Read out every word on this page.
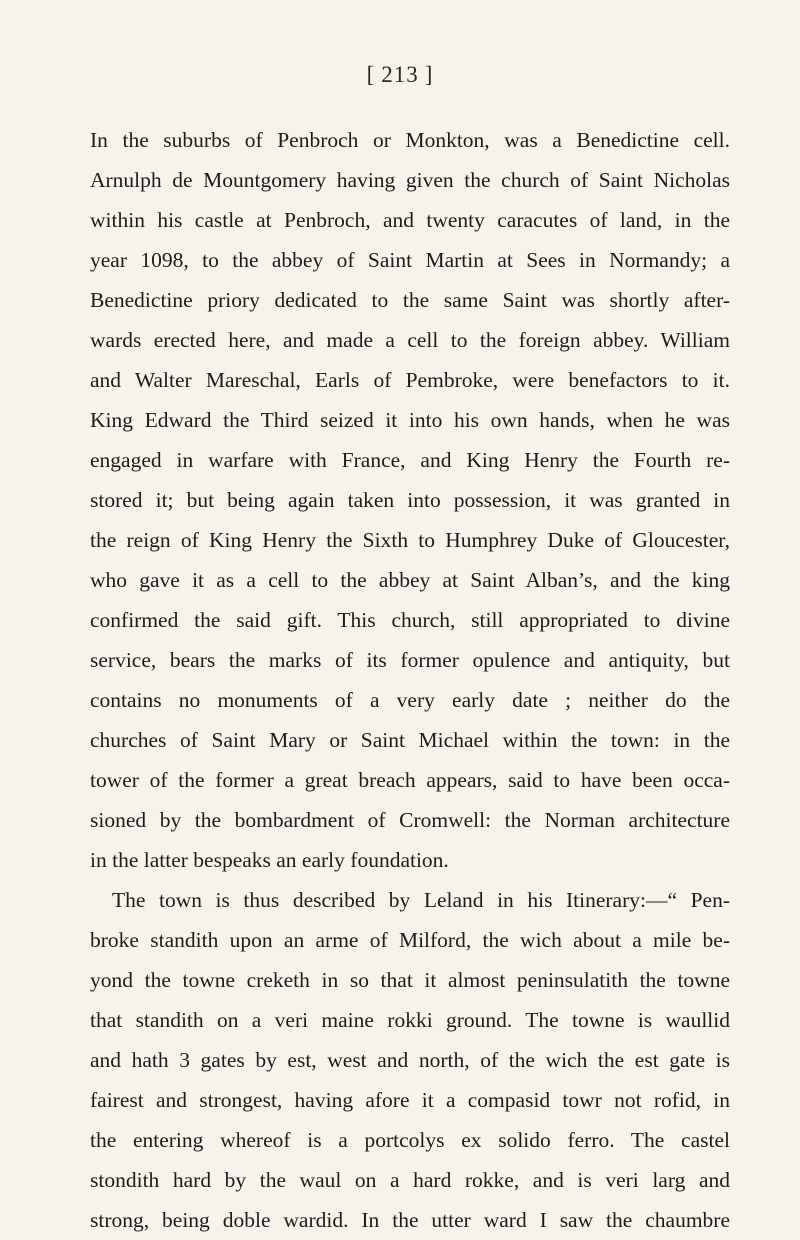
[ 213 ]

In the suburbs of Penbroch or Monkton, was a Benedictine cell.
Arnulph de Mountgomery having given the church of Saint Nicholas
within his castle at Penbroch, and twenty caracutes of land, in the
year 1098, to the abbey of Saint Martin at Sees in Normandy; a
Benedictine priory dedicated to the same Saint was shortly after-
wards erected here, and made a cell to the foreign abbey. William
and Walter Mareschal, Earls of Pembroke, were benefactors to it.
King Edward the Third seized it into his own hands, when he was
engaged in warfare with France, and King Henry the Fourth re-
stored it; but being again taken into possession, it was granted in
the reign of King Henry the Sixth to Humphrey Duke of Gloucester,
who gave it as a cell to the abbey at Saint Alban’s, and the king
confirmed the said gift. This church, still appropriated to divine
service, bears the marks of its former opulence and antiquity, but
contains no monuments of a very early date ; neither do the
churches of Saint Mary or Saint Michael within the town: in the
tower of the former a great breach appears, said to have been occa-
sioned by the bombardment of Cromwell: the Norman architecture
in the latter bespeaks an early foundation.

The town is thus described by Leland in his Itinerary:—“ Pen-
broke standith upon an arme of Milford, the wich about a mile be-
yond the towne creketh in so that it almost peninsulatith the towne
that standith on a veri maine rokki ground. The towne is waullid
and hath 3 gates by est, west and north, of the wich the est gate is
fairest and strongest, having afore it a compasid towr not rofid, in
the entering whereof is a portcolys ex solido ferro. The castel
stondith hard by the waul on a hard rokke, and is veri larg and
strong, being doble wardid. In the utter ward I saw the chaumbre
